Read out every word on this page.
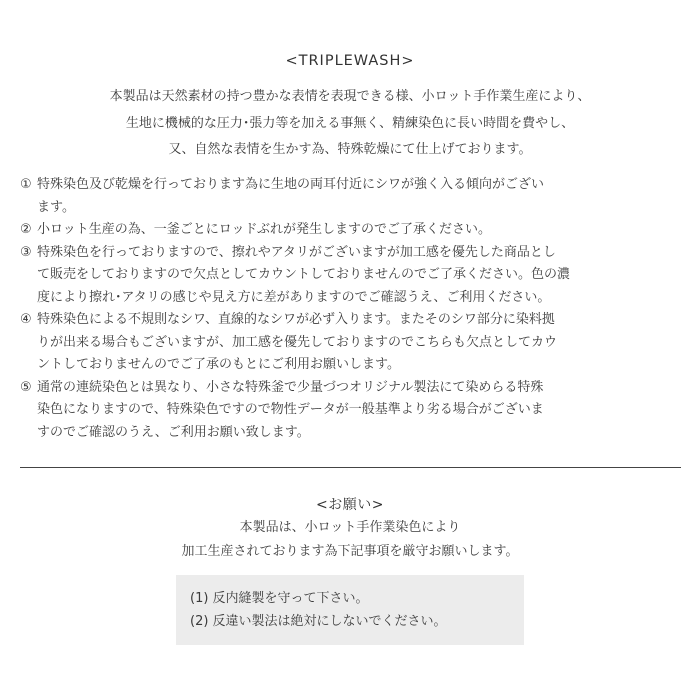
<TRIPLEWASH>
本製品は天然素材の持つ豊かな表情を表現できる様、小ロット手作業生産により、
生地に機械的な圧力･張力等を加える事無く、精練染色に長い時間を費やし、
又、自然な表情を生かす為、特殊乾燥にて仕上げております。
① 特殊染色及び乾燥を行っております為に生地の両耳付近にシワが強く入る傾向がござい
ます。
② 小ロット生産の為、一釜ごとにロッドぶれが発生しますのでご了承ください。
③ 特殊染色を行っておりますので、擦れやアタリがございますが加工感を優先した商品とし
て販売をしておりますので欠点としてカウントしておりませんのでご了承ください。色の濃
度により擦れ･アタリの感じや見え方に差がありますのでご確認うえ、ご利用ください。
④ 特殊染色による不規則なシワ、直線的なシワが必ず入ります。またそのシワ部分に染料拠
りが出来る場合もございますが、加工感を優先しておりますのでこちらも欠点としてカウ
ントしておりませんのでご了承のもとにご利用お願いします。
⑤ 通常の連続染色とは異なり、小さな特殊釜で少量づつオリジナル製法にて染めらる特殊
染色になりますので、特殊染色ですので物性データが一般基準より劣る場合がございま
すのでご確認のうえ、ご利用お願い致します。
<お願い>
本製品は、小ロット手作業染色により
加工生産されております為下記事項を厳守お願いします。
(1) 反内縫製を守って下さい。
(2) 反違い製法は絶対にしないでください。
